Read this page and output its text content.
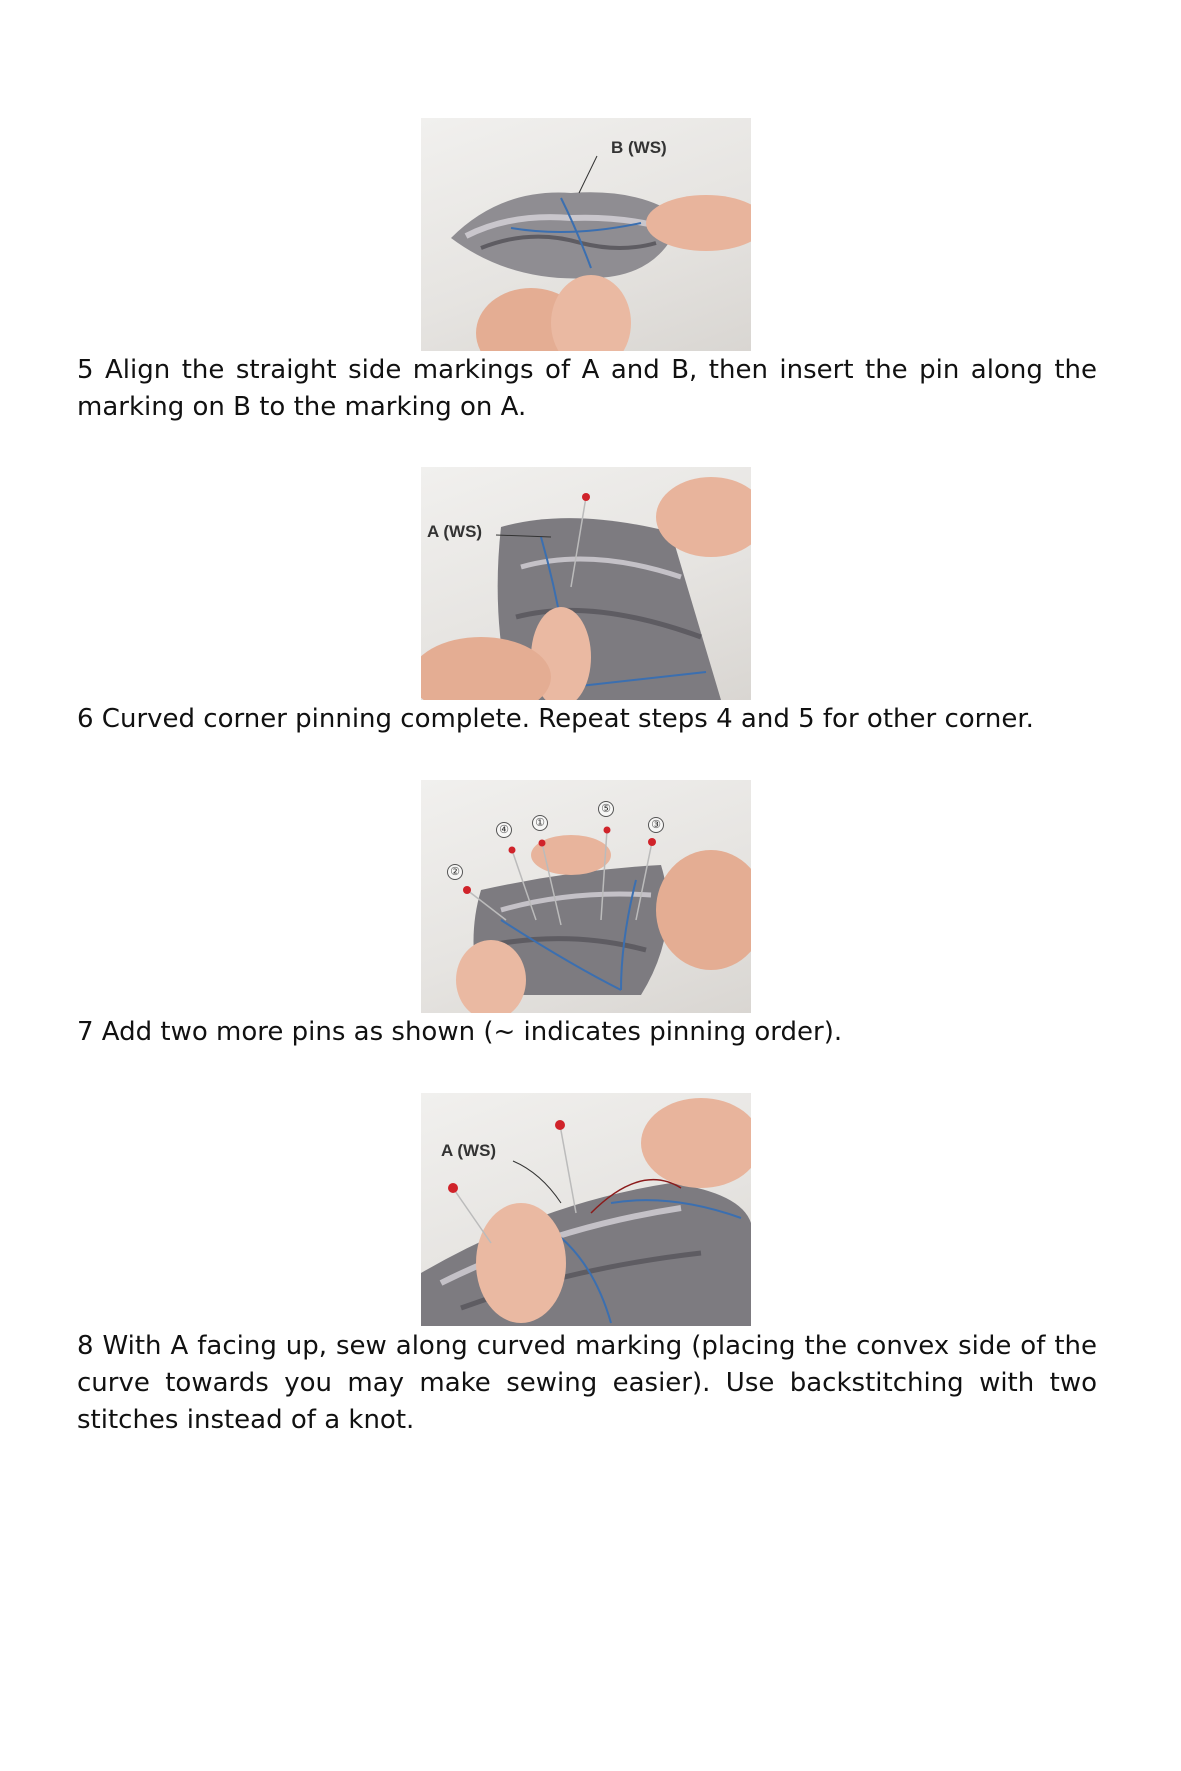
B (WS)

5 Align the straight side markings of A and B, then insert the pin along the marking on B to the marking on A.

A (WS)

6 Curved corner pinning complete. Repeat steps 4 and 5 for other corner.

①
②
③
④
⑤

7 Add two more pins as shown (~ indicates pinning order).

A (WS)

8 With A facing up, sew along curved marking (placing the convex side of the curve towards you may make sewing easier). Use backstitching with two stitches instead of a knot.
